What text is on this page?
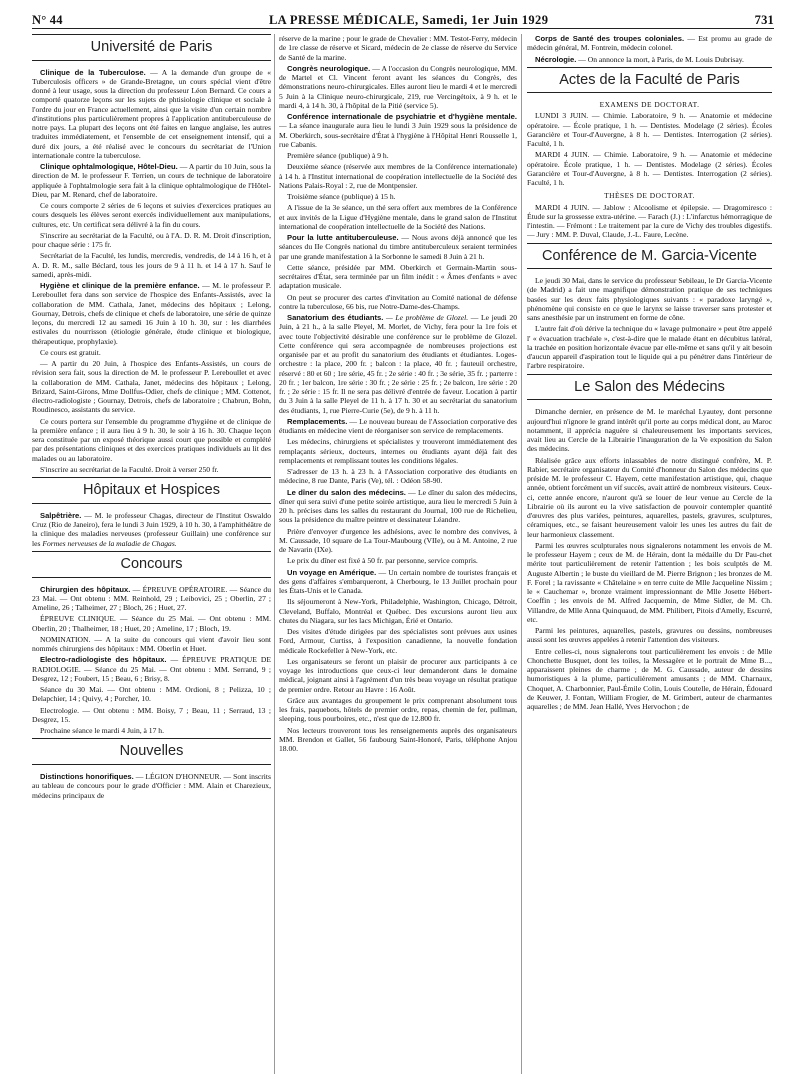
N° 44	LA PRESSE MÉDICALE, Samedi, 1er Juin 1929	731
Université de Paris

Clinique de la Tuberculose. — A la demande d'un groupe de « Tuberculosis officers » de Grande-Bretagne, un cours spécial vient d'être donné à leur usage, sous la direction du professeur Léon Bernard. Ce cours a comporté quatorze leçons sur les sujets de phtisiologie clinique et sociale à l'ordre du jour en France actuellement, ainsi que la visite d'un certain nombre d'institutions plus particulièrement propres à l'application antituberculeuse de notre pays. La plupart des leçons ont été faites en langue anglaise, les autres traduites immédiatement, et l'ensemble de cet enseignement intensif, qui a duré dix jours, a été réalisé avec le concours du secrétariat de l'Union internationale contre la tuberculose.

Clinique ophtalmologique, Hôtel-Dieu. — A partir du 10 Juin, sous la direction de M. le professeur F. Terrien, un cours de technique de laboratoire appliquée à l'ophtalmologie sera fait à la clinique ophtalmologique de l'Hôtel-Dieu, par M. Renard, chef de laboratoire.

Ce cours comporte 2 séries de 6 leçons et suivies d'exercices pratiques au cours desquels les élèves seront exercés individuellement aux manipulations, cultures, etc. Un certificat sera délivré à la fin du cours.

S'inscrire au secrétariat de la Faculté, ou à l'A. D. R. M. Droit d'inscription, pour chaque série : 175 fr.

Secrétariat de la Faculté, les lundis, mercredis, vendredis, de 14 à 16 h, et à A. D. R. M., salle Béclard, tous les jours de 9 à 11 h. et 14 à 17 h. Sauf le samedi, après-midi.

Hygiène et clinique de la première enfance. — M. le professeur P. Lereboullet fera dans son service de l'hospice des Enfants-Assistés, avec la collaboration de MM. Cathala, Janet, médecins des hôpitaux ; Lelong, Gournay, Detrois, chefs de clinique et chefs de laboratoire, une série de quinze leçons, du mercredi 12 au samedi 16 Juin à 10 h. 30, sur : les diarrhées estivales du nourrisson (étiologie générale, étude clinique et biologique, thérapeutique, prophylaxie).

Ce cours est gratuit.

— A partir du 20 Juin, à l'hospice des Enfants-Assistés, un cours de révision sera fait, sous la direction de M. le professeur P. Lereboullet et avec la collaboration de MM. Cathala, Janet, médecins des hôpitaux ; Lelong, Brizard, Saint-Girons, Mme Dollfus-Odier, chefs de clinique ; MM. Cottenot, électro-radiologiste ; Gournay, Detrois, chefs de laboratoire ; Chabrun, Bohn, Roudinesco, assistants du service.

Ce cours portera sur l'ensemble du programme d'hygiène et de clinique de la première enfance ; il aura lieu à 9 h. 30, le soir à 16 h. 30. Chaque leçon sera constituée par un exposé théorique aussi court que possible et complété par des présentations cliniques et des exercices pratiques individuels au lit des malades ou au laboratoire.

S'inscrire au secrétariat de la Faculté. Droit à verser 250 fr.

Hôpitaux et Hospices

Salpêtrière. — M. le professeur Chagas, directeur de l'Institut Oswaldo Cruz (Rio de Janeiro), fera le lundi 3 Juin 1929, à 10 h. 30, à l'amphithéâtre de la clinique des maladies nerveuses (professeur Guillain) une conférence sur les Formes nerveuses de la maladie de Chagas.

Concours

Chirurgien des hôpitaux. — ÉPREUVE OPÉRATOIRE. — Séance du 23 Mai. — Ont obtenu : MM. Reinhold, 29 ; Leibovici, 25 ; Oberlin, 27 ; Ameline, 26 ; Talheimer, 27 ; Bloch, 26 ; Huet, 27.

ÉPREUVE CLINIQUE. — Séance du 25 Mai. — Ont obtenu : MM. Oberlin, 20 ; Thalheimer, 18 ; Huet, 20 ; Ameline, 17 ; Bloch, 19.

NOMINATION. — A la suite du concours qui vient d'avoir lieu sont nommés chirurgiens des hôpitaux : MM. Oberlin et Huet.

Electro-radiologiste des hôpitaux. — ÉPREUVE PRATIQUE DE RADIOLOGIE. — Séance du 25 Mai. — Ont obtenu : MM. Serrand, 9 ; Desgrez, 12 ; Foubert, 15 ; Beau, 6 ; Brisy, 8.

Séance du 30 Mai. — Ont obtenu : MM. Ordioni, 8 ; Pelizza, 10 ; Delapchier, 14 ; Quivy, 4 ; Porcher, 10.

Electrologie. — Ont obtenu : MM. Boisy, 7 ; Beau, 11 ; Serraud, 13 ; Desgrez, 15.

Prochaine séance le mardi 4 Juin, à 17 h.

Nouvelles

Distinctions honorifiques. — LÉGION D'HONNEUR. — Sont inscrits au tableau de concours pour le grade d'Officier : MM. Alain et Charezieux, médecins principaux de

réserve de la marine ; pour le grade de Chevalier : MM. Testot-Ferry, médecin de 1re classe de réserve et Sicard, médecin de 2e classe de réserve du Service de Santé de la marine.

Congrès neurologique. — A l'occasion du Congrès neurologique, MM. de Martel et Cl. Vincent feront avant les séances du Congrès, des démonstrations neuro-chirurgicales. Elles auront lieu le mardi 4 et le mercredi 5 Juin à la Clinique neuro-chirurgicale, 219, rue Vercingétoix, à 9 h. et le mardi 4, à 14 h. 30, à l'hôpital de la Pitié (service 5).

Conférence internationale de psychiatrie et d'hygiène mentale. — La séance inaugurale aura lieu le lundi 3 Juin 1929 sous la présidence de M. Oberkirch, sous-secrétaire d'État à l'hygiène à l'Hôpital Henri Rousselle 1, rue Cabanis.

Première séance (publique) à 9 h.

Deuxième séance (réservée aux membres de la Conférence internationale) à 14 h. à l'Institut international de coopération intellectuelle de la Société des Nations Palais-Royal : 2, rue de Montpensier.

Troisième séance (publique) à 15 h.

A l'issue de la 3e séance, un thé sera offert aux membres de la Conférence et aux invités de la Ligue d'Hygiène mentale, dans le grand salon de l'Institut international de coopération intellectuelle de la Société des Nations.

Pour la lutte antituberculeuse. — Nous avons déjà annoncé que les séances du IIe Congrès national du timbre antituberculeux seraient terminées par une grande manifestation à la Sorbonne le samedi 8 Juin à 21 h.

Cette séance, présidée par MM. Oberkirch et Germain-Martin sous-secrétaires d'État, sera terminée par un film inédit : « Âmes d'enfants » avec adaptation musicale.

On peut se procurer des cartes d'invitation au Comité national de défense contre la tuberculose, 66 bis, rue Notre-Dame-des-Champs.

Sanatorium des étudiants. — Le problème de Glozel. — Le jeudi 20 Juin, à 21 h., à la salle Pleyel, M. Morlet, de Vichy, fera pour la 1re fois et avec toute l'objectivité désirable une conférence sur le problème de Glozel. Cette conférence qui sera accompagnée de nombreuses projections est organisée par et au profit du sanatorium des étudiants et étudiantes. Loges-orchestre : la place, 200 fr. ; balcon : la place, 40 fr. ; fauteuil orchestre, réservé : 80 et 60 ; 1re série, 45 fr. ; 2e série : 40 fr. ; 3e série, 35 fr. ; parterre : 20 fr. ; 1er balcon, 1re série : 30 fr. ; 2e série : 25 fr. ; 2e balcon, 1re série : 20 fr. ; 2e série : 15 fr. Il ne sera pas délivré d'entrée de faveur. Location à partir du 3 Juin à la salle Pleyel de 11 h. à 17 h. 30 et au secrétariat du sanatorium des étudiants, 1, rue Pierre-Curie (5e), de 9 h. à 11 h.

Remplacements. — Le nouveau bureau de l'Association corporative des étudiants en médecine vient de réorganiser son service de remplacements.

Les médecins, chirurgiens et spécialistes y trouveront immédiatement des remplaçants sérieux, docteurs, internes ou étudiants ayant déjà fait des remplacements et remplissant toutes les conditions légales.

S'adresser de 13 h. à 23 h. à l'Association corporative des étudiants en médecine, 8 rue Dante, Paris (Ve), tél. : Odéon 58-90.

Le dîner du salon des médecins. — Le dîner du salon des médecins, dîner qui sera suivi d'une petite soirée artistique, aura lieu le mercredi 5 Juin à 20 h. précises dans les salles du restaurant du Journal, 100 rue de Richelieu, sous la présidence du maître peintre et dessinateur Léandre.

Prière d'envoyer d'urgence les adhésions, avec le nombre des convives, à M. Caussade, 10 square de La Tour-Maubourg (VIIe), ou à M. Antoine, 2 rue de Navarin (IXe).

Le prix du dîner est fixé à 50 fr. par personne, service compris.

Un voyage en Amérique. — Un certain nombre de touristes français et des gens d'affaires s'embarqueront, à Cherbourg, le 13 Juillet prochain pour les États-Unis et le Canada.

Ils séjourneront à New-York, Philadelphie, Washington, Chicago, Détroit, Cleveland, Buffalo, Montréal et Québec. Des excursions auront lieu aux chutes du Niagara, sur les lacs Michigan, Érié et Ontario.

Des visites d'étude dirigées par des spécialistes sont prévues aux usines Ford, Armour, Curtiss, à l'exposition canadienne, la nouvelle fondation médicale Rockefeller à New-York, etc.

Les organisateurs se feront un plaisir de procurer aux participants à ce voyage les introductions que ceux-ci leur demanderont dans le domaine médical, joignant ainsi à l'agrément d'un très beau voyage un résultat pratique de premier ordre. Retour au Havre : 16 Août.

Grâce aux avantages du groupement le prix comprenant absolument tous les frais, paquebots, hôtels de premier ordre, repas, chemin de fer, pullman, sleeping, tous pourboires, etc., n'est que de 12.800 fr.

Nos lecteurs trouveront tous les renseignements auprès des organisateurs MM. Brendon et Gallet, 56 faubourg Saint-Honoré, Paris, téléphone Anjou 18.00.

Corps de Santé des troupes coloniales. — Est promu au grade de médecin général, M. Fontrein, médecin colonel.

Nécrologie. — On annonce la mort, à Paris, de M. Louis Dubrisay.

Actes de la Faculté de Paris
EXAMENS DE DOCTORAT.

LUNDI 3 JUIN. — Chimie. Laboratoire, 9 h. — Anatomie et médecine opératoire. — École pratique, 1 h. — Dentistes. Modelage (2 séries). Écoles Garancière et Tour-d'Auvergne, à 8 h. — Dentistes. Interrogation (2 séries). Faculté, 1 h.

MARDI 4 JUIN. — Chimie. Laboratoire, 9 h. — Anatomie et médecine opératoire. École pratique, 1 h. — Dentistes. Modelage (2 séries). Écoles Garancière et Tour-d'Auvergne, à 8 h. — Dentistes. Interrogation (2 séries). Faculté, 1 h.

THÈSES DE DOCTORAT.

MARDI 4 JUIN. — Jablow : Alcoolisme et épilepsie. — Dragomiresco : Étude sur la grossesse extra-utérine. — Farach (J.) : L'infarctus hémorragique de l'intestin. — Frémont : Le traitement par la cure de Vichy des troubles digestifs. — Jury : MM. P. Duval, Claude, J.-L. Faure, Lecène.

Conférence de M. Garcia-Vicente

Le jeudi 30 Mai, dans le service du professeur Sebileau, le Dr Garcia-Vicente (de Madrid) a fait une magnifique démonstration pratique de ses techniques basées sur les deux faits physiologiques suivants : « paradoxe laryngé », phénomène qui consiste en ce que le larynx se laisse traverser sans protester et sans anesthésie par un instrument en forme de cône.

L'autre fait d'où dérive la technique du « lavage pulmonaire » peut être appelé l' « évacuation trachéale », c'est-à-dire que le malade étant en décubitus latéral, la trachée en position horizontale évacue par elle-même et sans qu'il y ait besoin d'aucun appareil d'aspiration tout le liquide qui a pu pénétrer dans l'intérieur de l'arbre respiratoire.

Le Salon des Médecins

Dimanche dernier, en présence de M. le maréchal Lyautey, dont personne aujourd'hui n'ignore le grand intérêt qu'il porte au corps médical dont, au Maroc notamment, il apprécia naguère si chaleureusement les importants services, avait lieu au Cercle de la Librairie l'inauguration de la Ve exposition du Salon des médecins.

Réalisée grâce aux efforts inlassables de notre distingué confrère, M. P. Rabier, secrétaire organisateur du Comité d'honneur du Salon des médecins que préside M. le professeur C. Hayem, cette manifestation artistique, qui, chaque année, obtient forcément un vif succès, avait attiré de nombreux visiteurs. Ceux-ci, cette année encore, n'auront qu'à se louer de leur venue au Cercle de la Librairie où ils auront eu la vive satisfaction de pouvoir contempler quantité d'œuvres des plus variées, peintures, aquarelles, pastels, gravures, sculptures, céramiques, etc., se faisant heureusement valoir les unes les autres du fait de leur harmonieux classement.

Parmi les œuvres sculpturales nous signalerons notamment les envois de M. le professeur Hayem ; ceux de M. de Hérain, dont la médaille du Dr Pau-chet mérite tout particulièrement de retenir l'attention ; les bois sculptés de M. Auguste Albertin ; le buste du vieillard de M. Pierre Brignon ; les bronzes de M. F. Forel ; la ravissante « Châtelaine » en terre cuite de Mlle Jacqueline Nissim ; le « Cauchemar », bronze vraiment impressionnant de Mlle Josette Hébert-Coeffin ; les envois de M. Alfred Jacquemin, de Mme Sidler, de M. Ch. Villandre, de Mlle Anna Quinquaud, de MM. Philibert, Pitois d'Amelly, Escurré, etc.

Parmi les peintures, aquarelles, pastels, gravures ou dessins, nombreuses aussi sont les œuvres appelées à retenir l'attention des visiteurs.

Entre celles-ci, nous signalerons tout particulièrement les envois : de Mlle Chonchette Busquet, dont les toiles, la Messagère et le portrait de Mme B..., apparaissent pleines de charme ; de M. G. Caussade, auteur de dessins humoristiques à la plume, particulièrement amusants ; de MM. Charnaux, Choquet, A. Charbonnier, Paul-Émile Colin, Louis Coutelle, de Hérain, Édouard de Keuwer, J. Fontan, William Frogier, de M. Grimbert, auteur de charmantes aquarelles ; de MM. Jean Hallé, Yves Hervochon ; de
